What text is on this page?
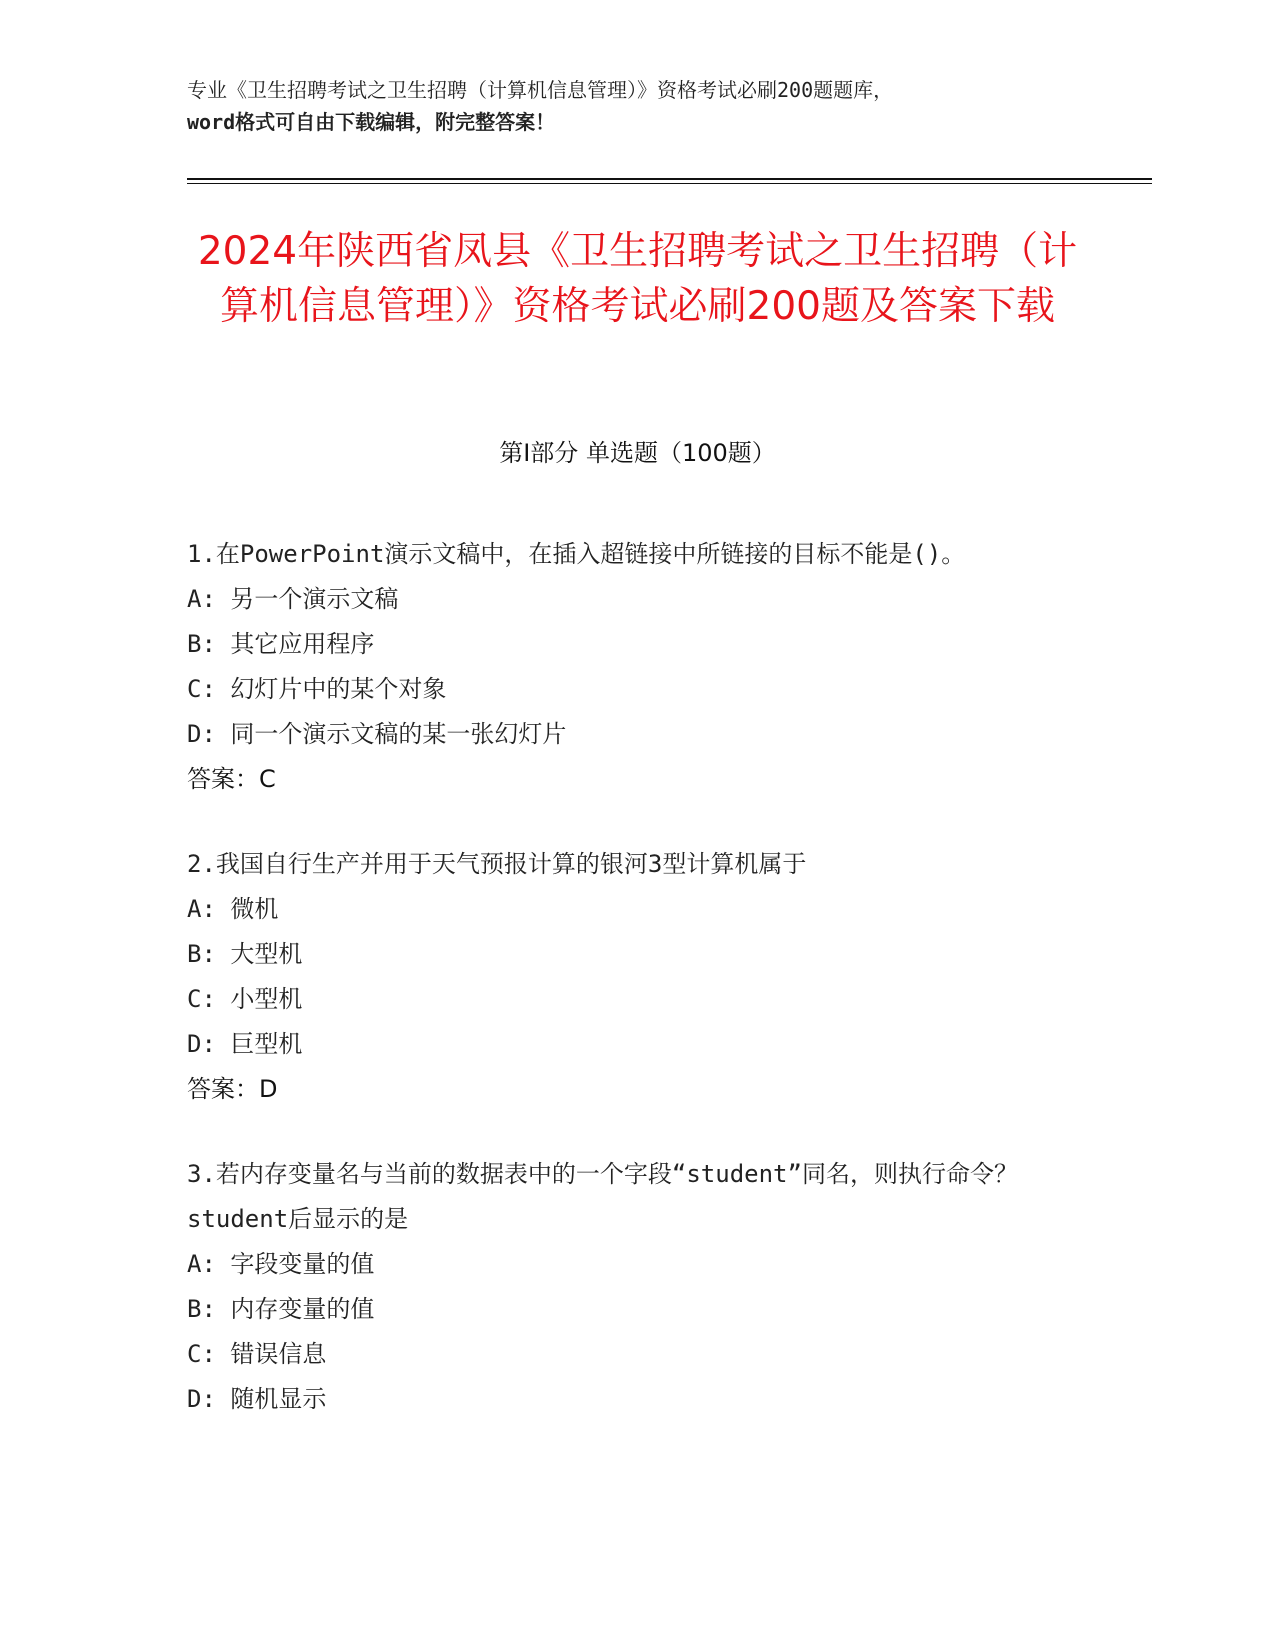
专业《卫生招聘考试之卫生招聘（计算机信息管理）》资格考试必刷200题题库，
word格式可自由下载编辑，附完整答案！
2024年陕西省凤县《卫生招聘考试之卫生招聘（计算机信息管理）》资格考试必刷200题及答案下载
第I部分 单选题（100题）

1.在PowerPoint演示文稿中，在插入超链接中所链接的目标不能是()。

A: 另一个演示文稿

B: 其它应用程序

C: 幻灯片中的某个对象

D: 同一个演示文稿的某一张幻灯片

答案：C

2.我国自行生产并用于天气预报计算的银河3型计算机属于

A: 微机

B: 大型机

C: 小型机

D: 巨型机

答案：D

3.若内存变量名与当前的数据表中的一个字段“student”同名，则执行命令？student后显示的是

A: 字段变量的值

B: 内存变量的值

C: 错误信息

D: 随机显示
